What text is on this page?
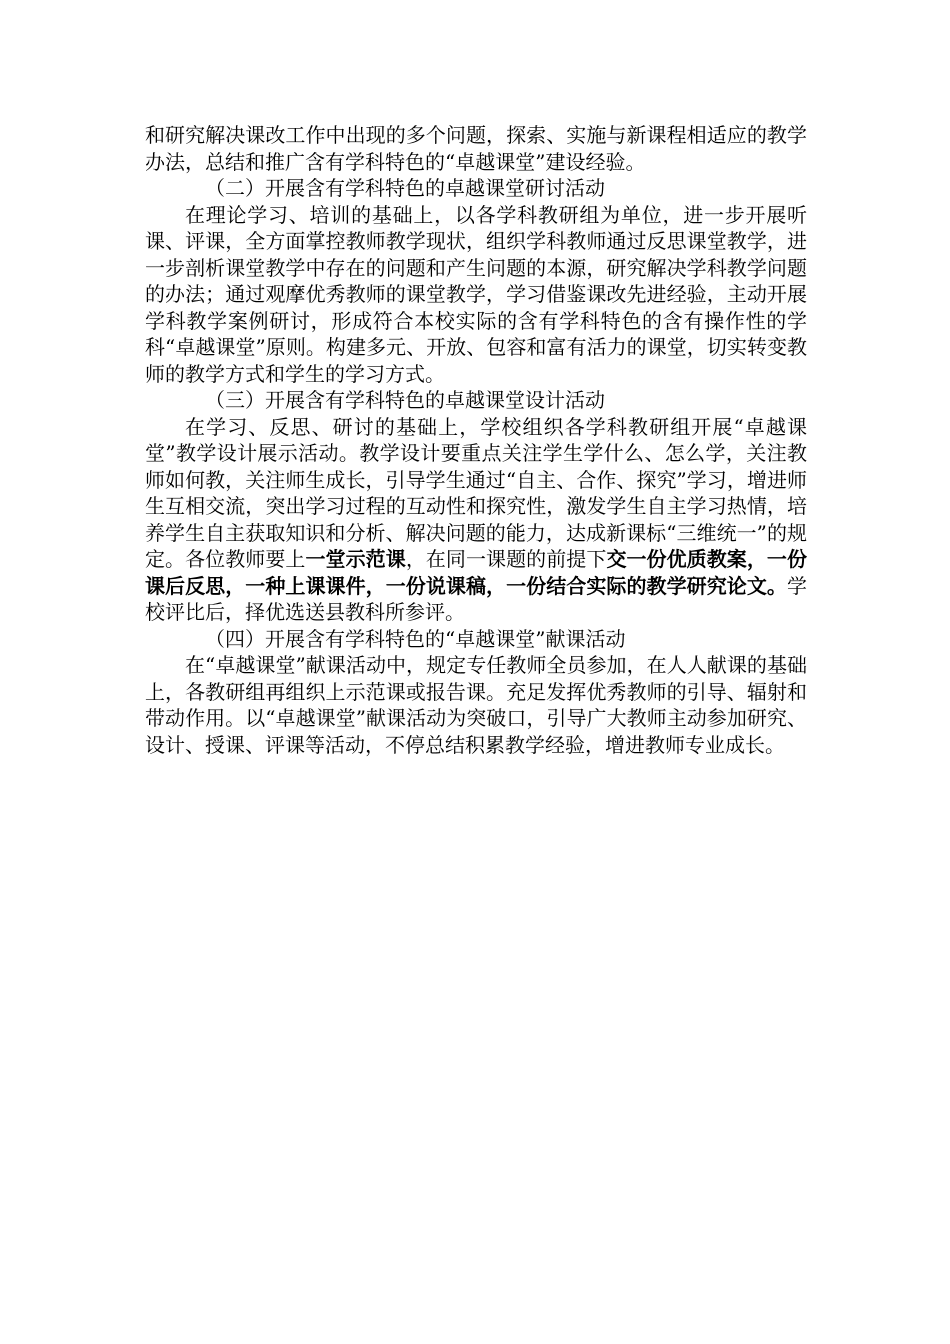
和研究解决课改工作中出现的多个问题，探索、实施与新课程相适应的教学办法，总结和推广含有学科特色的“卓越课堂”建设经验。

（二）开展含有学科特色的卓越课堂研讨活动

在理论学习、培训的基础上，以各学科教研组为单位，进一步开展听课、评课，全方面掌控教师教学现状，组织学科教师通过反思课堂教学，进一步剖析课堂教学中存在的问题和产生问题的本源，研究解决学科教学问题的办法；通过观摩优秀教师的课堂教学，学习借鉴课改先进经验，主动开展学科教学案例研讨，形成符合本校实际的含有学科特色的含有操作性的学科“卓越课堂”原则。构建多元、开放、包容和富有活力的课堂，切实转变教师的教学方式和学生的学习方式。

（三）开展含有学科特色的卓越课堂设计活动

在学习、反思、研讨的基础上，学校组织各学科教研组开展“卓越课堂”教学设计展示活动。教学设计要重点关注学生学什么、怎么学，关注教师如何教，关注师生成长，引导学生通过“自主、合作、探究”学习，增进师生互相交流，突出学习过程的互动性和探究性，激发学生自主学习热情，培养学生自主获取知识和分析、解决问题的能力，达成新课标“三维统一”的规定。各位教师要上一堂示范课，在同一课题的前提下交一份优质教案，一份课后反思，一种上课课件，一份说课稿，一份结合实际的教学研究论文。学校评比后，择优选送县教科所参评。

（四）开展含有学科特色的“卓越课堂”献课活动

在“卓越课堂”献课活动中，规定专任教师全员参加，在人人献课的基础上，各教研组再组织上示范课或报告课。充足发挥优秀教师的引导、辐射和带动作用。以“卓越课堂”献课活动为突破口，引导广大教师主动参加研究、设计、授课、评课等活动，不停总结积累教学经验，增进教师专业成长。
